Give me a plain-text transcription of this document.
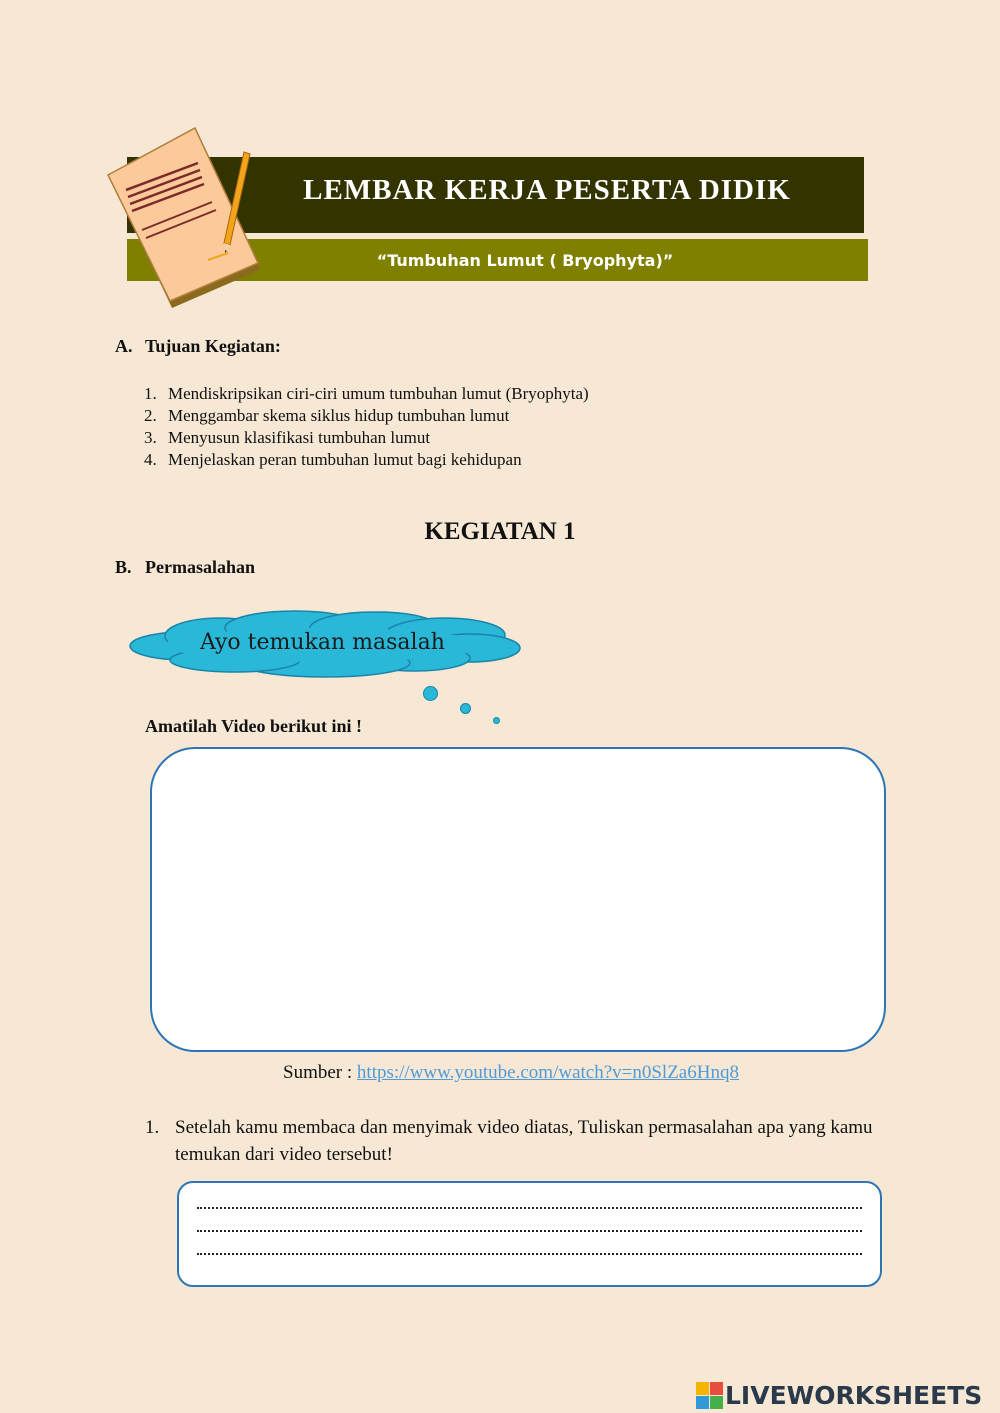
LEMBAR KERJA PESERTA DIDIK
“Tumbuhan Lumut ( Bryophyta)”
A. Tujuan Kegiatan:
1. Mendiskripsikan ciri-ciri umum tumbuhan lumut (Bryophyta)
2. Menggambar skema siklus hidup tumbuhan lumut
3. Menyusun klasifikasi tumbuhan lumut
4. Menjelaskan peran tumbuhan lumut bagi kehidupan
KEGIATAN 1
B. Permasalahan
Ayo temukan masalah
Amatilah Video berikut ini !
Sumber : https://www.youtube.com/watch?v=n0SlZa6Hnq8
1. Setelah kamu membaca dan menyimak video diatas, Tuliskan permasalahan apa yang kamu temukan dari video tersebut!
LIVEWORKSHEETS
